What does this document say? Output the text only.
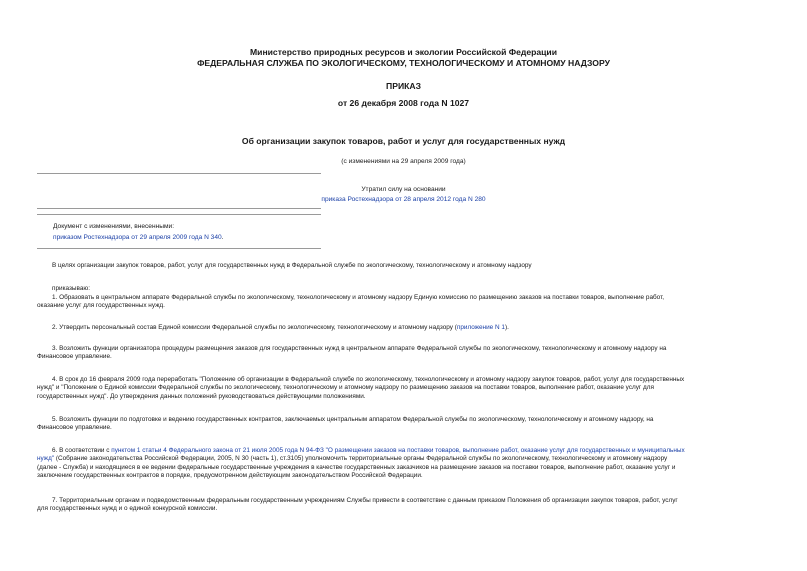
Министерство природных ресурсов и экологии Российской Федерации
ФЕДЕРАЛЬНАЯ СЛУЖБА ПО ЭКОЛОГИЧЕСКОМУ, ТЕХНОЛОГИЧЕСКОМУ И АТОМНОМУ НАДЗОРУ
ПРИКАЗ
от 26 декабря 2008 года N 1027
Об организации закупок товаров, работ и услуг для государственных нужд
(с изменениями на 29 апреля 2009 года)
Утратил силу на основании
приказа Ростехнадзора от 28 апреля 2012 года N 280
Документ с изменениями, внесенными:
приказом Ростехнадзора от 29 апреля 2009 года N 340.
В целях организации закупок товаров, работ, услуг для государственных нужд в Федеральной службе по экологическому, технологическому и атомному надзору
приказываю:
1. Образовать в центральном аппарате Федеральной службы по экологическому, технологическому и атомному надзору Единую комиссию по размещению заказов на поставки товаров, выполнение работ,
оказание услуг для государственных нужд.
2. Утвердить персональный состав Единой комиссии Федеральной службы по экологическому, технологическому и атомному надзору (приложение N 1).
3. Возложить функции организатора процедуры размещения заказов для государственных нужд в центральном аппарате Федеральной службы по экологическому, технологическому и атомному надзору на
Финансовое управление.
4. В срок до 16 февраля 2009 года переработать "Положение об организации в Федеральной службе по экологическому, технологическому и атомному надзору закупок товаров, работ, услуг для государственных
нужд" и "Положение о Единой комиссии Федеральной службы по экологическому, технологическому и атомному надзору по размещению заказов на поставки товаров, выполнение работ, оказание услуг для
государственных нужд". До утверждения данных положений руководствоваться действующими положениями.
5. Возложить функции по подготовке и ведению государственных контрактов, заключаемых центральным аппаратом Федеральной службы по экологическому, технологическому и атомному надзору, на
Финансовое управление.
6. В соответствии с пунктом 1 статьи 4 Федерального закона от 21 июля 2005 года N 94-ФЗ "О размещении заказов на поставки товаров, выполнение работ, оказание услуг для государственных и муниципальных
нужд" (Собрание законодательства Российской Федерации, 2005, N 30 (часть 1), ст.3105) уполномочить территориальные органы Федеральной службы по экологическому, технологическому и атомному надзору
(далее - Служба) и находящиеся в ее ведении федеральные государственные учреждения в качестве государственных заказчиков на размещение заказов на поставки товаров, выполнение работ, оказание услуг и
заключение государственных контрактов в порядке, предусмотренном действующим законодательством Российской Федерации.
7. Территориальным органам и подведомственным федеральным государственным учреждениям Службы привести в соответствие с данным приказом Положения об организации закупок товаров, работ, услуг
для государственных нужд и о единой конкурсной комиссии.
